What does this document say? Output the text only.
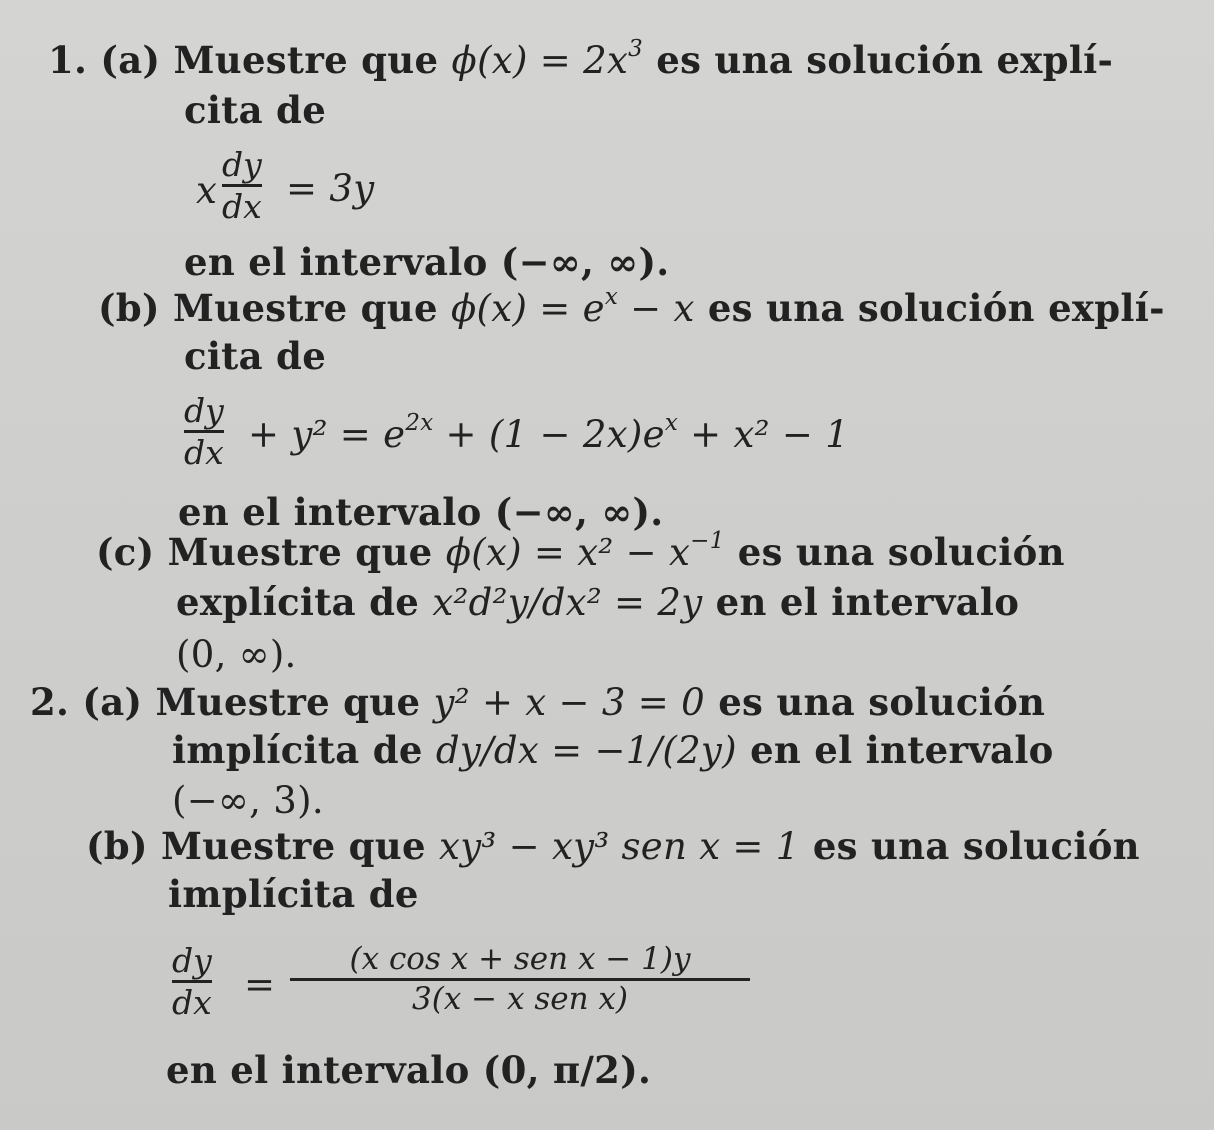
1. (a) Muestre que $\phi(x) = 2x^3$ es una solución explí-
cita de
x
dy
dx = 3y
en el intervalo (−∞, ∞).
(b) Muestre que $\phi(x) = e^x - x$ es una solución explí-
cita de
dy
dx + $y^2 = e^{2x} + (1 - 2x)e^x + x^2 - 1$
en el intervalo (−∞, ∞).
(c) Muestre que $\phi(x) = x^2 - x^{-1}$ es una solución
explícita de x²d²y/dx² = 2y en el intervalo
(0, ∞).
2. (a) Muestre que y² + x − 3 = 0 es una solución
implícita de dy/dx = −1/(2y) en el intervalo
(−∞, 3).
(b) Muestre que xy³ − xy³ sen x = 1 es una solución
implícita de
dy
dx =
(x cos x + sen x − 1)y
3(x − x sen x)
en el intervalo (0, π/2).
